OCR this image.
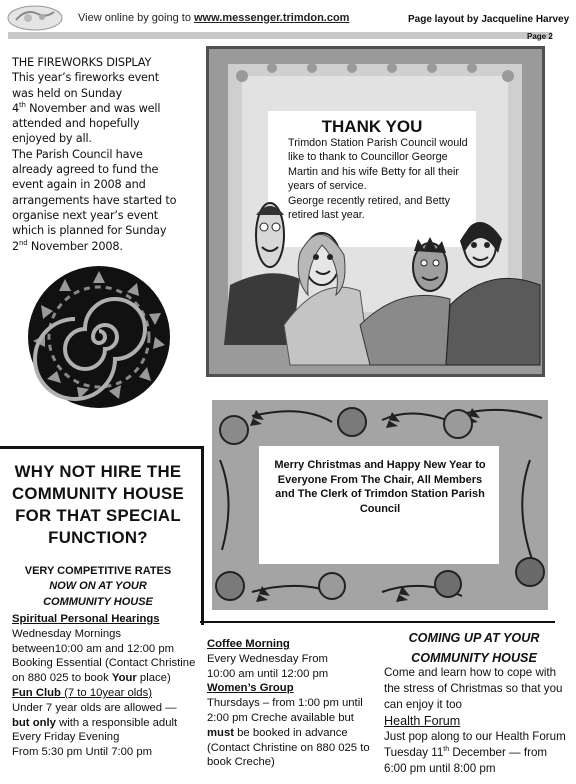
View online by going to www.messenger.trimdon.com	Page layout by Jacqueline Harvey
Page 2

THE FIREWORKS DISPLAY

This year’s fireworks event was held on Sunday
4th November and was well attended and hopefully enjoyed by all.

The Parish Council have already agreed to fund the event again in 2008 and arrangements have started to organise next year’s event which is planned for Sunday
2nd November 2008.

THANK YOU

Trimdon Station Parish Council would like to thank to Councillor George Martin and his wife Betty for all their years of service.

George recently retired, and Betty retired last year.

Merry Christmas and Happy New Year to Everyone From The Chair, All Members and The Clerk of Trimdon Station Parish Council
WHY NOT HIRE THE COMMUNITY HOUSE FOR THAT SPECIAL FUNCTION?
VERY COMPETITIVE RATES
NOW ON AT YOUR
COMMUNITY HOUSE

Spiritual Personal Hearings

Wednesday Mornings

between10:00 am and 12:00 pm

Booking Essential (Contact Christine on 880 025 to book Your place)

Fun Club (7 to 10year olds)

Under 7 year olds are allowed —

but only with a responsible adult

Every Friday Evening

From 5:30 pm Until 7:00 pm

Coffee Morning

Every Wednesday From

10:00 am until 12:00 pm

Women’s Group

Thursdays – from 1:00 pm until 2:00 pm Creche available but must be booked in advance (Contact Christine on 880 025 to book Creche)

COMING UP AT YOUR
COMMUNITY HOUSE

Come and learn how to cope with the stress of Christmas so that you can enjoy it too

Health Forum

Just pop along to our Health Forum Tuesday 11th December — from 6:00 pm until 8:00 pm
